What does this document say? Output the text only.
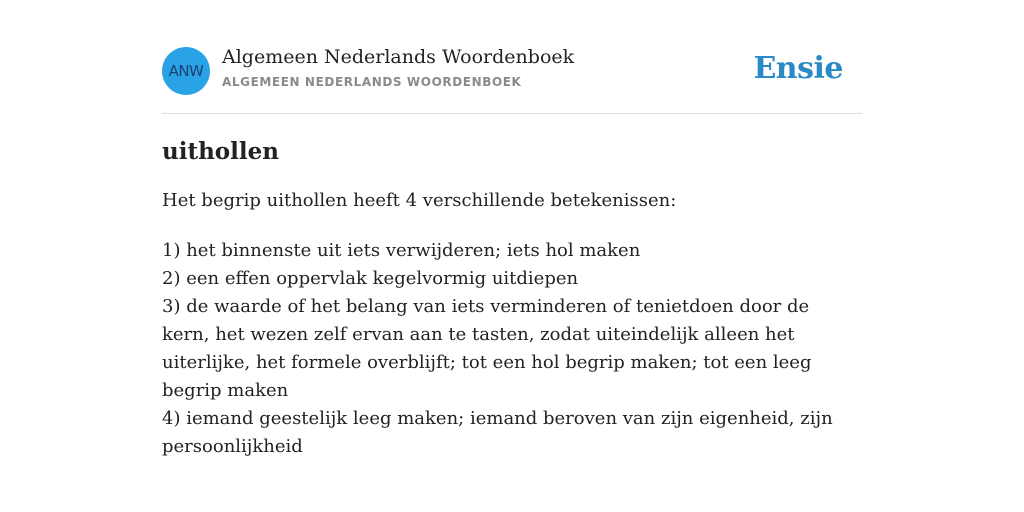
ANW
Algemeen Nederlands Woordenboek
ALGEMEEN NEDERLANDS WOORDENBOEK	Ensie
uithollen

Het begrip uithollen heeft 4 verschillende betekenissen:

1) het binnenste uit iets verwijderen; iets hol maken
2) een effen oppervlak kegelvormig uitdiepen
3) de waarde of het belang van iets verminderen of tenietdoen door de kern, het wezen zelf ervan aan te tasten, zodat uiteindelijk alleen het uiterlijke, het formele overblijft; tot een hol begrip maken; tot een leeg begrip maken
4) iemand geestelijk leeg maken; iemand beroven van zijn eigenheid, zijn persoonlijkheid
